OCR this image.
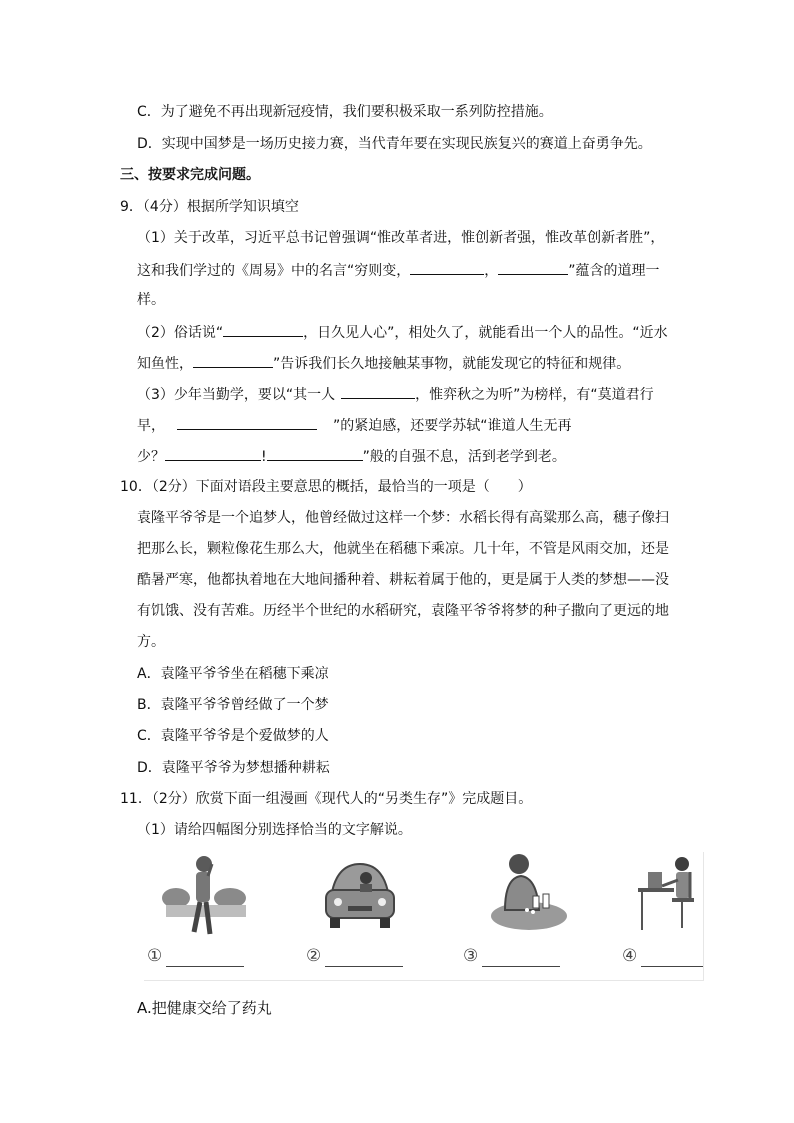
C．为了避免不再出现新冠疫情，我们要积极采取一系列防控措施。
D．实现中国梦是一场历史接力赛，当代青年要在实现民族复兴的赛道上奋勇争先。
三、按要求完成问题。
9．（4分）根据所学知识填空
（1）关于改革，习近平总书记曾强调“惟改革者进，惟创新者强，惟改革创新者胜”，
这和我们学过的《周易》中的名言“穷则变，	，	”蕴含的道理一
样。
（2）俗话说“	，日久见人心”，相处久了，就能看出一个人的品性。“近水
知鱼性，	”告诉我们长久地接触某事物，就能发现它的特征和规律。
（3）少年当勤学，要以“其一人	，惟弈秋之为听”为榜样，有“莫道君行
早，	”的紧迫感，还要学苏轼“谁道人生无再
少？	!	”般的自强不息，活到老学到老。
10．（2分）下面对语段主要意思的概括，最恰当的一项是（　　）
袁隆平爷爷是一个追梦人，他曾经做过这样一个梦：水稻长得有高粱那么高，穗子像扫
把那么长，颗粒像花生那么大，他就坐在稻穗下乘凉。几十年，不管是风雨交加，还是
酷暑严寒，他都执着地在大地间播种着、耕耘着属于他的，更是属于人类的梦想——没
有饥饿、没有苦难。历经半个世纪的水稻研究，袁隆平爷爷将梦的种子撒向了更远的地
方。
A．袁隆平爷爷坐在稻穗下乘凉
B．袁隆平爷爷曾经做了一个梦
C．袁隆平爷爷是个爱做梦的人
D．袁隆平爷爷为梦想播种耕耘
11．（2分）欣赏下面一组漫画《现代人的“另类生存”》完成题目。
（1）请给四幅图分别选择恰当的文字解说。
①	②	③	④
A.把健康交给了药丸
